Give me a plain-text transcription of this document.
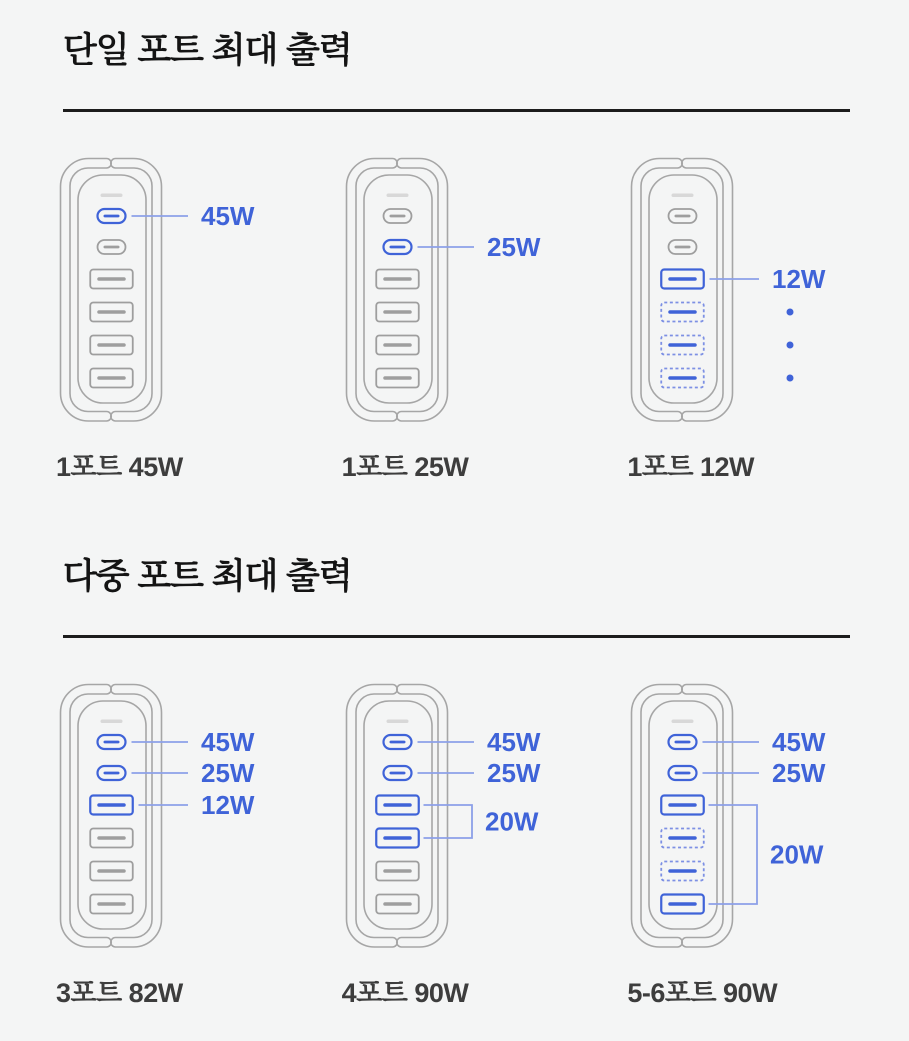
단일 포트 최대 출력
45W
1포트 45W
25W
1포트 25W
12W
1포트 12W
다중 포트 최대 출력
45W
25W
12W
3포트 82W
45W
25W
20W
4포트 90W
45W
25W
20W
5-6포트 90W
